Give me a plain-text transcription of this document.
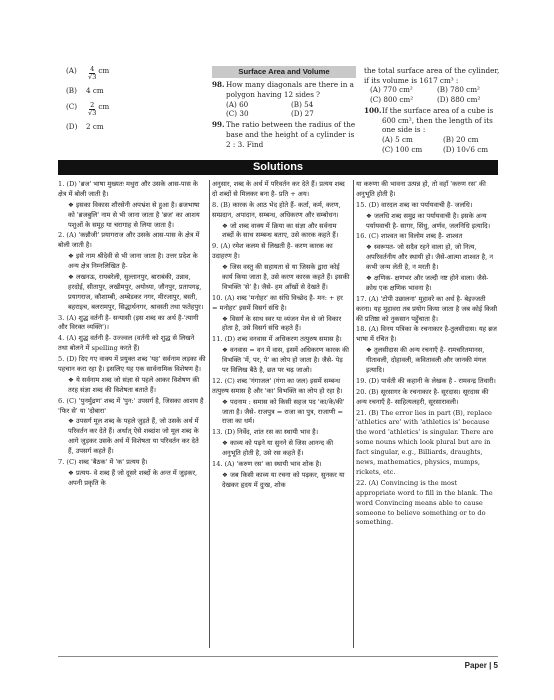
(A)	$\frac{4}{√3}$ cm
(B)	4 cm
(C)	$\frac{2}{√3}$ cm
(D)	2 cm
Surface Area and Volume
98. How many diagonals are there in a polygon having 12 sides ?
(A) 60	(B) 54
(C) 30	(D) 27
99. The ratio between the radius of the base and the height of a cylinder is 2 : 3. Find
the total surface area of the cylinder, if its volume is 1617 cm³ :
(A) 770 cm²	(B) 780 cm²
(C) 800 cm²	(D) 880 cm²
100. If the surface area of a cube is 600 cm², then the length of its one side is :
(A) 5 cm	(B) 20 cm
(C) 100 cm	(D) 10√6 cm
Solutions

1. (D) 'ब्रज' भाषा मुख्यतः मथुरा और उसके आस-पास के क्षेत्र में बोली जाती है।

❖ इसका विकास शौरसेनी अपभ्रंश से हुआ है। ब्रजभाषा को 'ब्रजबुलि' नाम से भी जाना जाता है 'ब्रज' का आशय पशुओं के समूह या चरागाह से लिया जाता है।

2. (A) 'कन्नौजी' प्रयागराज और उसके आस-पास के क्षेत्र में बोली जाती है।

❖ इसे नाम श्रीदेवी से भी जाना जाता है। उत्तर प्रदेश के अन्य क्षेत्र निम्नलिखित है-

❖ लखनऊ, रायबरेली, सुल्तानपुर, बाराबंकी, उन्नाव, हरदोई, सीतापुर, लखीमपुर, अयोध्या, जौनपुर, प्रतापगढ़, प्रयागराज, कौशाम्बी, अम्बेडकर नगर, मीरजापुर, बस्ती, बहराइच, बलरामपुर, सिद्धार्थनगर, श्रावस्ती तथा फतेहपुर।

3. (A) शुद्ध वर्तनी है- सन्यासी (इस शब्द का अर्थ है-'त्यागी और विरक्त व्यक्ति')।

4. (A) शुद्ध वर्तनी है- उज्ज्वल (वर्तनी को शुद्ध से लिखने तथा बोलने में spelling करते हैं)

5. (D) दिए गए वाक्य में प्रयुक्त शब्द 'यह' सर्वनाम लड़का की पहचान करा रहा है। इसलिए यह एक सार्वनामिक विशेषण है।

❖ ये सर्वनाम शब्द जो संज्ञा से पहले आकर विशेषण की तरह संज्ञा शब्द की विशेषता बताते हैं।

6. (C) 'पुनर्मुद्रण' शब्द में 'पुन:' उपसर्ग है, जिसका आशय है 'फिर से' या 'दोबारा'

❖ उपसर्ग मूल शब्द के पहले जुड़ते हैं, जो उसके अर्थ में परिवर्तन कर देते हैं। अर्थात् ऐसे शब्दांश जो मूल शब्द के आगे जुड़कर उसके अर्थ में विशेषता या परिवर्तन कर देते हैं, उपसर्ग कहते हैं।

7. (C) शब्द 'बैठक' में 'क' प्रत्यय है।

❖ प्रत्यय- वे शब्द हैं जो दूसरे शब्दों के अन्त में जुड़कर, अपनी प्रकृति के

अनुसार, शब्द के अर्थ में परिवर्तन कर देते हैं। प्रत्यय शब्द दो शब्दों से मिलकर बना है- प्रति + अय।

8. (B) कारक के आठ भेद होते हैं- कर्ता, कर्म, करण, सम्प्रदान, अपादान, सम्बन्ध, अधिकरण और सम्बोधन।

❖ जो शब्द वाक्य में क्रिया का संज्ञा और सर्वनाम शब्दों के साथ सम्बन्ध बताए, उसे कारक कहते हैं।

9. (A) रमेश कलम से लिखती है- करण कारक का उदाहरण है।

❖ जिस वस्तु की सहायता से या जिसके द्वारा कोई कार्य किया जाता है, उसे करण कारक कहते हैं। इसकी विभक्ति 'से' है। जैसे- हम आँखों से देखते हैं।

10. (A) शब्द 'मनोहर' का संधि विच्छेद है- मन: + हर = मनोहर' इसमें विसर्ग संधि है।

❖ विसर्ग के साथ स्वर या व्यंजन मेल से जो विकार होता है, उसे विसर्ग संधि कहते हैं।

11. (D) शब्द वनवास में अधिकरण तत्पुरुष समास है।

❖ वनवास = वन में वास, इसमें अधिकरण कारक की विभक्ति 'में, पर, पे' का लोप हो जाता है। जैसे- पेड़ पर विलिख बैठे है, छत पर चढ़ जाओ।

12. (C) शब्द 'गंगाजल' (गंगा का जल) इसमें सम्बन्ध तत्पुरुष समास है और 'का' विभक्ति का लोप हो रहा है।

❖ पदनाम : समास को किसी सहज पद 'का/के/की' जाता है। जैसे- राजपुत्र = राजा का पुत्र, राजाणी = राजा का धर्म।

13. (D) निर्वेद, शांत रस का स्थायी भाव है।

❖ काव्य को पढ़ने या सुनने से जिस आनन्द की अनुभूति होती है, उसे रस कहते हैं।

14. (A) 'करुण रस' का स्थायी भाव शोक है।

❖ जब किसी काव्य या रचना को पढ़कर, सुनकर या देखकर हृदय में दुःख, शोक

या करुणा की भावना उत्पन्न हो, तो वहाँ 'करुण रस' की अनुभूति होती है।

15. (D) वारदल शब्द का पर्यायवाची है- जलधि।

❖ जलधि शब्द समुद्र का पर्यायवाची है। इसके अन्य पर्यायवाची है- सागर, सिंधु, अर्णव, जलनिधि इत्यादि।

16. (C) शाश्वत का विलोम शब्द है- शाश्वत

❖ स्वरूपत- जो सदैव रहने वाला हो, जो नित्य, अपरिवर्तनीय और स्थायी हो। जैसे-आत्मा शाश्वत है, न कभी जन्म लेती है, न मरती है।

❖ क्षणिक- क्षणभर और जल्दी नष्ट होने वाला। जैसे- क्रोध एक क्षणिक भावना है।

17. (A) 'टोपी उछालना' मुहावरे का अर्थ है- बेइज्जती करना। यह मुहावरा तब प्रयोग किया जाता है जब कोई किसी की प्रतिष्ठा को नुकसान पहुँचाता है।

18. (A) विनय पत्रिका के रचनाकार है-तुलसीदास। यह ब्रज भाषा में रचित है।

❖ तुलसीदास की अन्य रचनाएँ है- रामचरितमानस, गीतावली, दोहावली, कवितावली और जानकी मंगल इत्यादि।

19. (D) पार्वती की कहानी के लेखक है - रामवन्द्र तिवारी।

20. (B) सूरसागर के रचनाकार है- सूरदास। सूरदास की अन्य रचनाएँ है- साहित्यलहरी, सूरसारावली।

21. (B) The error lies in part (B), replace 'athletics are' with 'athletics is' because the word 'athletics' is singular. There are some nouns which look plural but are in fact singular, e.g., Billiards, draughts, news, mathematics, physics, mumps, rickets, etc.

22. (A) Convincing is the most appropriate word to fill in the blank. The word Convincing means able to cause someone to believe something or to do something.

Paper | 5
